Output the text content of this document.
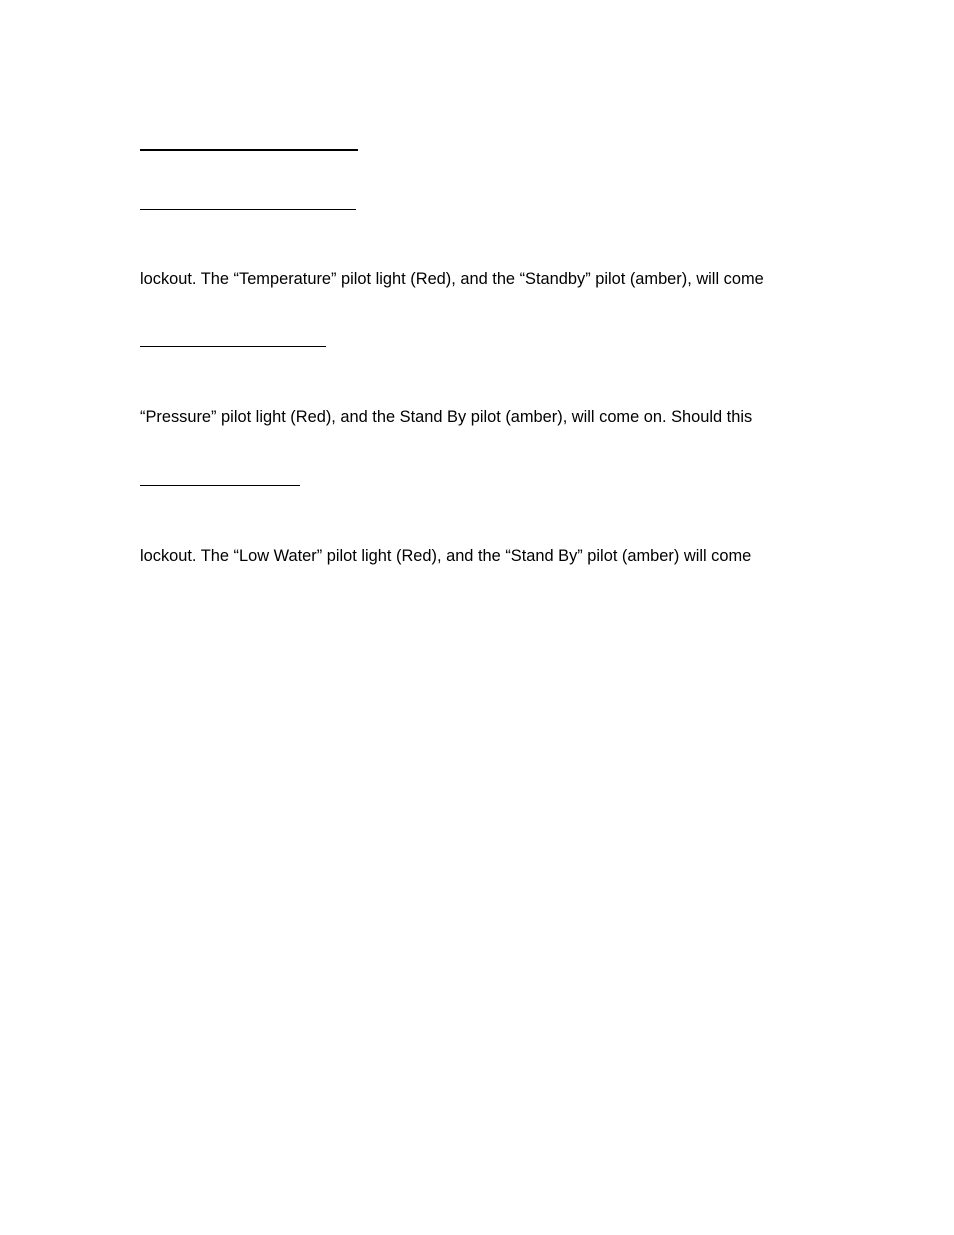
lockout. The “Temperature” pilot light (Red), and the “Standby” pilot (amber), will come
“Pressure” pilot light (Red), and the Stand By pilot (amber), will come on. Should this
lockout. The “Low Water” pilot light (Red), and the “Stand By” pilot (amber) will come
